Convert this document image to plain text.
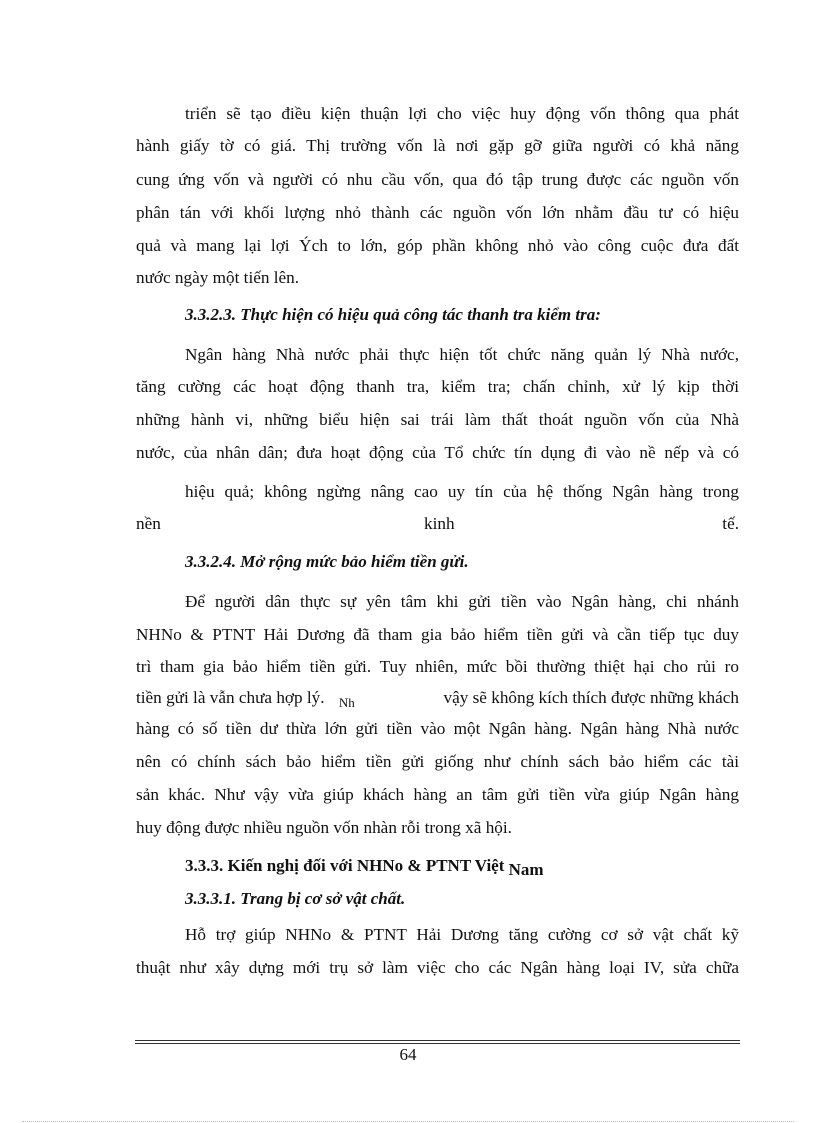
triển sẽ tạo điều kiện thuận lợi cho việc huy động vốn thông qua phát
hành giấy tờ có giá. Thị trường vốn là nơi gặp gỡ giữa người có khả năng
cung ứng vốn và người có nhu cầu vốn, qua đó tập trung được các nguồn vốn
phân tán với khối lượng nhỏ thành các nguồn vốn lớn nhằm đầu tư có hiệu
quả và mang lại lợi Ých to lớn, góp phần không nhỏ vào công cuộc đưa đất
nước ngày một tiến lên.
3.3.2.3. Thực hiện có hiệu quả công tác thanh tra kiểm tra:
Ngân hàng Nhà nước phải thực hiện tốt chức năng quản lý Nhà nước,
tăng cường các hoạt động thanh tra, kiểm tra; chấn chỉnh, xử lý kịp thời
những hành vi, những biểu hiện sai trái làm thất thoát nguồn vốn của Nhà
nước, của nhân dân; đưa hoạt động của Tổ chức tín dụng đi vào nề nếp và có
hiệu quả; không ngừng nâng cao uy tín của hệ thống Ngân hàng trong
nền	kinh	tế.
3.3.2.4. Mở rộng mức bảo hiểm tiền gửi.
Để người dân thực sự yên tâm khi gửi tiền vào Ngân hàng, chi nhánh
NHNo & PTNT Hải Dương đã tham gia bảo hiểm tiền gửi và cần tiếp tục duy
trì tham gia bảo hiểm tiền gửi. Tuy nhiên, mức bồi thường thiệt hại cho rủi ro
tiền gửi là vẫn chưa hợp lý. Nh	vậy sẽ không kích thích được những khách
hàng có số tiền dư thừa lớn gửi tiền vào một Ngân hàng. Ngân hàng Nhà nước
nên có chính sách bảo hiểm tiền gửi giống như chính sách bảo hiểm các tài
sản khác. Như vậy vừa giúp khách hàng an tâm gửi tiền vừa giúp Ngân hàng
huy động được nhiều nguồn vốn nhàn rỗi trong xã hội.
3.3.3. Kiến nghị đối với NHNo & PTNT Việt Nam
3.3.3.1. Trang bị cơ sở vật chất.
Hỗ trợ giúp NHNo & PTNT Hải Dương tăng cường cơ sở vật chất kỹ
thuật như xây dựng mới trụ sở làm việc cho các Ngân hàng loại IV, sửa chữa
64
